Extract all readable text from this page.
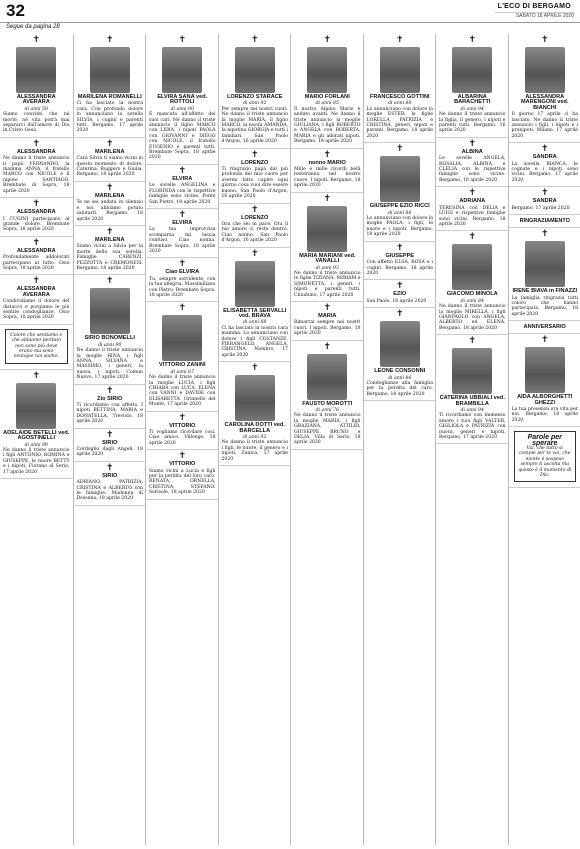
32	L'ECO DI BERGAMO
SABATO 18 APRILE 2020
Segue da pagina 28
✝
ALESSANDRA AVERARA
di anni 50
Siamo convinti che né morte, né vita potrà mai separarci dall'amore di Dio in Cristo Gesù.
✝
ALESSANDRA
Ne danno il triste annuncio il papà FERNANDO, la mamma ANNA, il fratello MARCO con NICOLE e il nipote SANTIAGO. Brembate di Sopra, 18 aprile 2020
✝
ALESSANDRA
I CUGINI partecipano al grande dolore. Brembate Sopra, 18 aprile 2020
✝
ALESSANDRA
Profondamente addolorati partecipano al lutto. Osio Sopra, 18 aprile 2020
✝
ALESSANDRA AVERARA
Condividiamo il dolore del distacco e porgiamo le più sentite condoglianze. Osio Sopra, 18 aprile 2020
Colore che sentiamo e che abbiamo perduto non sono più dove erano ma sono ovunque noi siamo.
✝
ADELAIDE BETELLI ved. AGOSTINELLI
di anni 90
Ne danno il triste annuncio i figli ANTONIO, ROMINA e GIUSEPPE, le nuore BETTY e i nipoti. Fiorano al Serio, 17 aprile 2020
✝
MARILENA ROMANELLI
Ci ha lasciato la nostra cara. Con profondo dolore lo annunciano la sorella SILVIA, i cugini e parenti tutti. Bergamo, 17 aprile 2020
✝
MARILENA
Cara Silvia ti siamo vicini in questo momento di dolore. Caterina, Ruggero e Giulia. Bergamo, 18 aprile 2020
✝
MARILENA
Te ne sei andata in silenzio e noi abbiamo potuto salutarti. Bergamo, 18 aprile 2020
✝
MARILENA
Siamo vicini a Silvia per la morte della sua sorella. Famiglie CARENZI, PEZZOTTA e CREMONESI. Bergamo, 18 aprile 2020
✝
SIRIO BONOMELLI
di anni 90
Ne danno il triste annuncio la moglie RINA, i figli ANNA, SILVANA e MASSIMO, i generi, la nuora, i nipoti. Comun Nuovo, 17 aprile 2020
✝
Zio SIRIO
Ti ricordiamo con affetto. I nipoti BETTINA, MARIA e DONATELLA. Treviolo, 18 aprile 2020
✝
SIRIO
Cordoglio dagli Angeli, 18 aprile 2020
✝
SIRIO
ADRIANO, PATRIZIA, CRISTINA e ALBERTO con le famiglie. Madonna di Dossena, 18 aprile 2020
✝
ELVIRA SANA ved. ROTTOLI
di anni 90
È mancata all'affetto dei suoi cari. Ne danno il triste annuncio il figlio MARCO con LIDIA, i nipoti PAOLA con GIOVANNI e DIEGO con NICOLE, il fratello EUGENIO e parenti tutti. Brembate Sopra, 18 aprile 2020
✝
ELVIRA
Le sorelle ANGELINA e FLORINDA con le rispettive famiglie sono vicine. Ponte San Pietro, 18 aprile 2020
✝
ELVIRA
La tua improvvisa scomparsa mi lascia confuso. Ciao nonna. Brembate Sopra, 18 aprile 2020
✝
Ciao ELVIRA
Tu, sempre sorridente, con la tua allegria. Massimiliano con Pietro. Brembate Sopra, 18 aprile 2020
✝
VITTORIO ZANINI
di anni 67
Ne danno il triste annuncio la moglie LUCIA, i figli CHIARA con LUCA, ELENA con VANNI e DAVIDE con ELISABETTA. Grumello del Monte, 17 aprile 2020
✝
VITTORIO
Ti vogliamo ricordare così. Ciao amico. Villongo, 18 aprile 2020
✝
VITTORIO
Siamo vicini a Lucia e figli per la perdita del loro caro. RENATA, ORNELLA, CRISTINA, STEFANO. Sorisole, 18 aprile 2020
✝
LORENZO STARACE
di anni 92
Per sempre nei nostri cuori. Ne danno il triste annuncio la moglie MARIA, il figlio MARCO, la nuora AMANDA, la nipotina GIORGIA e tutti i familiari. San Paolo d'Argon, 16 aprile 2020
✝
LORENZO
Ti ringrazio papà dal più profondo del mio cuore per avermi fatto capire ogni giorno cosa vuol dire essere buono. San Paolo d'Argon, 16 aprile 2020
✝
LORENZO
Ora che sei in pace. Ora il tuo amore ci resta dentro. Ciao nonno. San Paolo d'Argon, 16 aprile 2020
✝
ELISABETTA SERVALLI ved. BRAVA
di anni 88
Ci ha lasciato la nostra cara mamma. Lo annunciano con dolore i figli COSTANZE, PIERANGELO, ANGELA, CRISTINA. Nembro, 17 aprile 2020
✝
CAROLINA DOTTI ved. BARCELLA
di anni 92
Ne danno il triste annuncio i figli, le nuore, il genero e i nipoti. Zanica, 17 aprile 2020
✝
MARIO FORLANI
di anni 85
Il nostro Alpino Mario è andato avanti. Ne danno il triste annuncio la moglie GIULIANA, i figli ROBERTO e ANGELA con ROBERTA, MARIA e gli adorati nipoti. Bergamo, 18 aprile 2020
✝
nonno MARIO
Mille e mille ricordi belli resteranno nel nostro cuore. I nipoti. Bergamo, 18 aprile 2020
✝
MARIA MARIANI ved. VANALLI
di anni 93
Ne danno il triste annuncio le figlie TIZIANA, MIRIAM e SIMONETTA, i generi, i nipoti e parenti tutti. Chiuduno, 17 aprile 2020
✝
MARIA
Rimarrai sempre nei nostri cuori. I nipoti. Bergamo, 18 aprile 2020
✝
FAUSTO MOROTTI
di anni 76
Ne danno il triste annuncio la moglie MARIA, i figli GRAZIANA, ATTILIO, GIUSEPPE, BRUNO e DELIA. Villa di Serio, 18 aprile 2020
✝
FRANCESCO GOTTINI
di anni 88
Lo annunciano con dolore la moglie ESTER, le figlie LORELLA, PATRIZIA e CRISTINA, generi, nipoti e parenti. Bergamo, 18 aprile 2020
✝
GIUSEPPE EZIO RICCI
di anni 86
Lo annunciano con dolore la moglie PAOLA, i figli, le nuore e i nipoti. Bergamo, 18 aprile 2020
✝
GIUSEPPE
Con affetto ELSA, ROSA e i cugini. Bergamo, 18 aprile 2020
✝
EZIO
San Paolo, 18 aprile 2020
✝
LEONE CONSONNI
di anni 86
Condoglianze alla famiglia per la perdita del caro. Bergamo, 18 aprile 2020
✝
ALBARINA BARACHETTI
di anni 94
Ne danno il triste annuncio la figlia, il genero, i nipoti e parenti tutti. Bergamo, 16 aprile 2020
✝
ALBINA
Le sorelle ANGELA, ROSALIA, ALBINA e CLELIA con le rispettive famiglie sono vicine. Bergamo, 18 aprile 2020
✝
ADRIANA
TERESINA con DELIA e LUIGI e rispettive famiglie sono vicini. Bergamo, 18 aprile 2020
✝
GIACOMO MINOLA
di anni 84
Ne danno il triste annuncio la moglie MIRELLA, i figli GIANPAOLO con ANGELA, ALBERTO ed ELENA. Bergamo, 18 aprile 2020
✝
CATERINA UBBIALI ved. BRAMBILLA
di anni 94
Ti ricordiamo con immenso amore i tuoi figli VALTER, GIGLIOLA e PATRIZIA con nuora, generi e nipoti. Bergamo, 17 aprile 2020
✝
ALESSANDRA MARENGONI ved. BIANCHI
Il giorno 17 aprile ci ha lasciato. Ne danno il triste annuncio i figli, i nipoti e i pronipoti. Milano, 17 aprile 2020
✝
SANDRA
La sorella BIANCA, le cognate e i nipoti sono vicini. Bergamo, 17 aprile 2020
✝
SANDRA
Bergamo, 17 aprile 2020
RINGRAZIAMENTO
✝
IRENE BIAVA in FINAZZI
La famiglia ringrazia tutti coloro che hanno partecipato. Bergamo, 18 aprile 2020
ANNIVERSARIO
✝
AIDA ALBORGHETTI GHEZZI
La tua presenza ora vita per noi. Bergamo, 18 aprile 2020
Parole per sperare
Vai, che tutto si compie per te vai, che niente è sospeso sempre ti ascolta ma questo è il momento di Dio.
